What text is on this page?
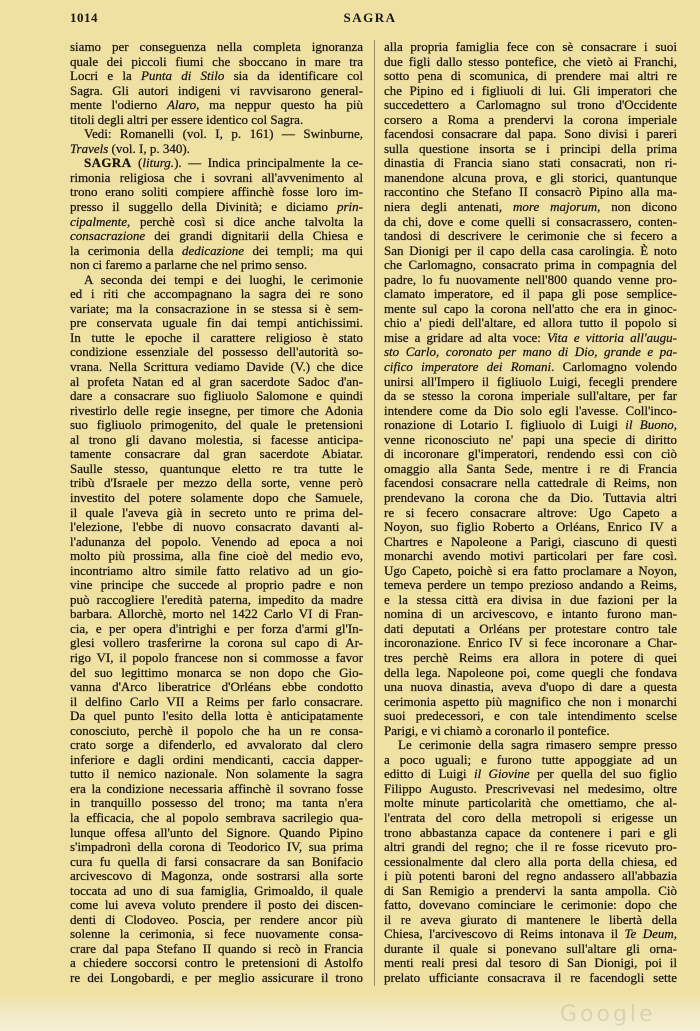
1014	SAGRA
siamo per conseguenza nella completa ignoranza
quale dei piccoli fiumi che sboccano in mare tra
Locri e la Punta di Stilo sia da identificare col
Sagra. Gli autori indigeni vi ravvisarono general-
mente l'odierno Alaro, ma neppur questo ha più
titoli degli altri per essere identico col Sagra.
Vedi: Romanelli (vol. I, p. 161) — Swinburne,
Travels (vol. I, p. 340).
SAGRA (liturg.). — Indica principalmente la ce-
rimonia religiosa che i sovrani all'avvenimento al
trono erano soliti compiere affinchè fosse loro im-
presso il suggello della Divinità; e diciamo prin-
cipalmente, perchè così si dice anche talvolta la
consacrazione dei grandi dignitarii della Chiesa e
la cerimonia della dedicazione dei templi; ma qui
non ci faremo a parlarne che nel primo senso.
A seconda dei tempi e dei luoghi, le cerimonie
ed i riti che accompagnano la sagra dei re sono
variate; ma la consacrazione in se stessa si è sem-
pre conservata uguale fin dai tempi antichissimi.
In tutte le epoche il carattere religioso è stato
condizione essenziale del possesso dell'autorità so-
vrana. Nella Scrittura vediamo Davide (V.) che dice
al profeta Natan ed al gran sacerdote Sadoc d'an-
dare a consacrare suo figliuolo Salomone e quindi
rivestirlo delle regie insegne, per timore che Adonia
suo figliuolo primogenito, del quale le pretensioni
al trono gli davano molestia, si facesse anticipa-
tamente consacrare dal gran sacerdote Abiatar.
Saulle stesso, quantunque eletto re tra tutte le
tribù d'Israele per mezzo della sorte, venne però
investito del potere solamente dopo che Samuele,
il quale l'aveva già in secreto unto re prima del-
l'elezione, l'ebbe di nuovo consacrato davanti al-
l'adunanza del popolo. Venendo ad epoca a noi
molto più prossima, alla fine cioè del medio evo,
incontriamo altro simile fatto relativo ad un gio-
vine principe che succede al proprio padre e non
può raccogliere l'eredità paterna, impedito da madre
barbara. Allorchè, morto nel 1422 Carlo VI di Fran-
cia, e per opera d'intrighi e per forza d'armi gl'In-
glesi vollero trasferirne la corona sul capo di Ar-
rigo VI, il popolo francese non si commosse a favor
del suo legittimo monarca se non dopo che Gio-
vanna d'Arco liberatrice d'Orléans ebbe condotto
il delfino Carlo VII a Reims per farlo consacrare.
Da quel punto l'esito della lotta è anticipatamente
conosciuto, perchè il popolo che ha un re consa-
crato sorge a difenderlo, ed avvalorato dal clero
inferiore e dagli ordini mendicanti, caccia dapper-
tutto il nemico nazionale. Non solamente la sagra
era la condizione necessaria affinchè il sovrano fosse
in tranquillo possesso del trono; ma tanta n'era
la efficacia, che al popolo sembrava sacrilegio qua-
lunque offesa all'unto del Signore. Quando Pipino
s'impadronì della corona di Teodorico IV, sua prima
cura fu quella di farsi consacrare da san Bonifacio
arcivescovo di Magonza, onde sostrarsi alla sorte
toccata ad uno di sua famiglia, Grimoaldo, il quale
come lui aveva voluto prendere il posto dei discen-
denti di Clodoveo. Poscia, per rendere ancor più
solenne la cerimonia, si fece nuovamente consa-
crare dal papa Stefano II quando si recò in Francia
a chiedere soccorsi contro le pretensioni di Astolfo
re dei Longobardi, e per meglio assicurare il trono
alla propria famiglia fece con sè consacrare i suoi
due figli dallo stesso pontefice, che vietò ai Franchi,
sotto pena di scomunica, di prendere mai altri re
che Pipino ed i figliuoli di lui. Gli imperatori che
succedettero a Carlomagno sul trono d'Occidente
corsero a Roma a prendervi la corona imperiale
facendosi consacrare dal papa. Sono divisi i pareri
sulla questione insorta se i principi della prima
dinastia di Francia siano stati consacrati, non ri-
manendone alcuna prova, e gli storici, quantunque
raccontino che Stefano II consacrò Pipino alla ma-
niera degli antenati, more majorum, non dicono
da chi, dove e come quelli si consacrassero, conten-
tandosi di descrivere le cerimonie che si fecero a
San Dionigi per il capo della casa carolingia. È noto
che Carlomagno, consacrato prima in compagnia del
padre, lo fu nuovamente nell'800 quando venne pro-
clamato imperatore, ed il papa gli pose semplice-
mente sul capo la corona nell'atto che era in ginoc-
chio a' piedi dell'altare, ed allora tutto il popolo si
mise a gridare ad alta voce: Vita e vittoria all'augu-
sto Carlo, coronato per mano di Dio, grande e pa-
cifico imperatore dei Romani. Carlomagno volendo
unirsi all'Impero il figliuolo Luigi, fecegli prendere
da se stesso la corona imperiale sull'altare, per far
intendere come da Dio solo egli l'avesse. Coll'inco-
ronazione di Lotario I. figliuolo di Luigi il Buono,
venne riconosciuto ne' papi una specie di diritto
di incoronare gl'imperatori, rendendo essi con ciò
omaggio alla Santa Sede, mentre i re di Francia
facendosi consacrare nella cattedrale di Reims, non
prendevano la corona che da Dio. Tuttavia altri
re si fecero consacrare altrove: Ugo Capeto a
Noyon, suo figlio Roberto a Orléans, Enrico IV a
Chartres e Napoleone a Parigi, ciascuno di questi
monarchi avendo motivi particolari per fare così.
Ugo Capeto, poichè si era fatto proclamare a Noyon,
temeva perdere un tempo prezioso andando a Reims,
e la stessa città era divisa in due fazioni per la
nomina di un arcivescovo, e intanto furono man-
dati deputati a Orléans per protestare contro tale
incoronazione. Enrico IV si fece incoronare a Char-
tres perchè Reims era allora in potere di quei
della lega. Napoleone poi, come quegli che fondava
una nuova dinastia, aveva d'uopo di dare a questa
cerimonia aspetto più magnifico che non i monarchi
suoi predecessori, e con tale intendimento scelse
Parigi, e vi chiamò a coronarlo il pontefice.
Le cerimonie della sagra rimasero sempre presso
a poco uguali; e furono tutte appoggiate ad un
editto di Luigi il Giovine per quella del suo figlio
Filippo Augusto. Prescrivevasi nel medesimo, oltre
molte minute particolarità che omettiamo, che al-
l'entrata del coro della metropoli si erigesse un
trono abbastanza capace da contenere i pari e gli
altri grandi del regno; che il re fosse ricevuto pro-
cessionalmente dal clero alla porta della chiesa, ed
i più potenti baroni del regno andassero all'abbazia
di San Remigio a prendervi la santa ampolla. Ciò
fatto, dovevano cominciare le cerimonie: dopo che
il re aveva giurato di mantenere le libertà della
Chiesa, l'arcivescovo di Reims intonava il Te Deum,
durante il quale si ponevano sull'altare gli orna-
menti reali presi dal tesoro di San Dionigi, poi il
prelato ufficiante consacrava il re facendogli sette
Google
